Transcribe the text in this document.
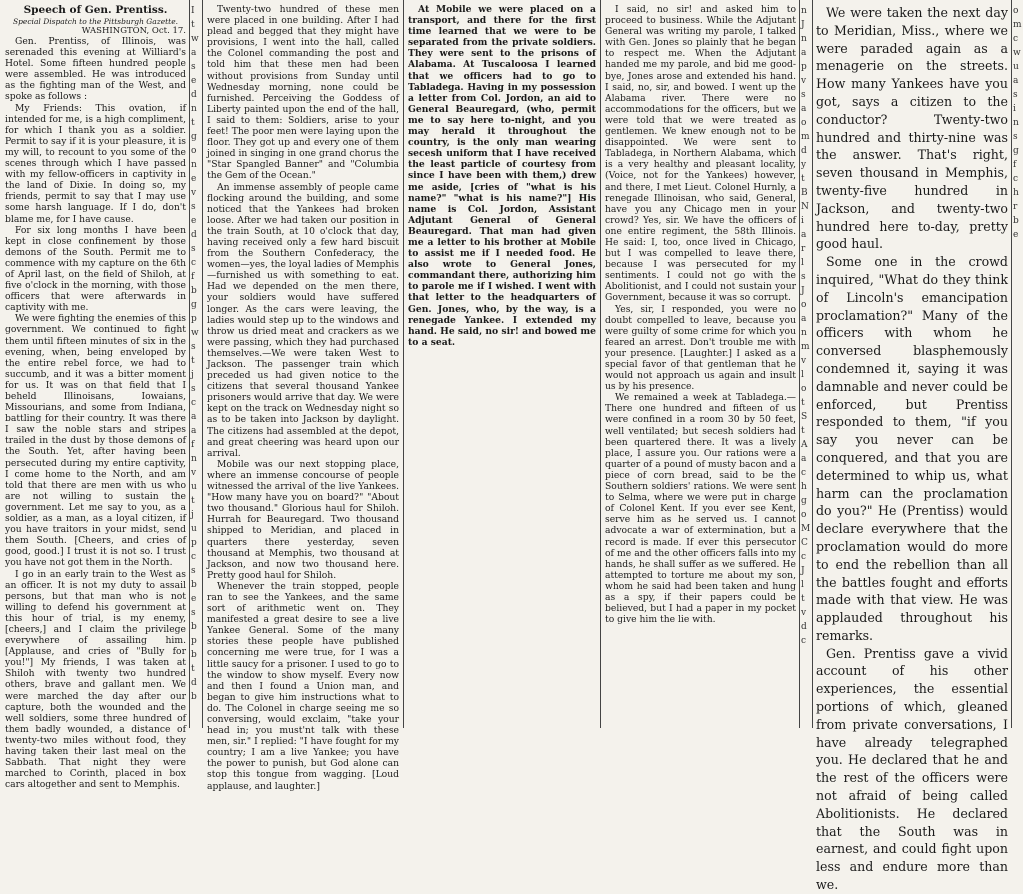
Speech of Gen. Prentiss.

Special Dispatch to the Pittsburgh Gazette.

WASHINGTON, Oct. 17.

Gen. Prentiss, of Illinois, was serenaded this evening at Williard's Hotel. Some fifteen hundred people were assembled. He was introduced as the fighting man of the West, and spoke as follows :

My Friends: This ovation, if intended for me, is a high compliment, for which I thank you as a soldier. Permit to say if it is your pleasure, it is my will, to recount to you some of the scenes through which I have passed with my fellow-officers in captivity in the land of Dixie. In doing so, my friends, permit to say that I may use some harsh language. If I do, don't blame me, for I have cause.

For six long months I have been kept in close confinement by those demons of the South. Permit me to commence with my capture on the 6th of April last, on the field of Shiloh, at five o'clock in the morning, with those officers that were afterwards in captivity with me.

We were fighting the enemies of this government. We continued to fight them until fifteen minutes of six in the evening, when, being enveloped by the entire rebel force, we had to succumb, and it was a bitter moment for us. It was on that field that I beheld Illinoisans, Iowaians, Missourians, and some from Indiana, battling for their country. It was there I saw the noble stars and stripes trailed in the dust by those demons of the South. Yet, after having been persecuted during my entire captivity, I come home to the North, and am told that there are men with us who are not willing to sustain the government. Let me say to you, as a soldier, as a man, as a loyal citizen, if you have traitors in your midst, send them South. [Cheers, and cries of good, good.] I trust it is not so. I trust you have not got them in the North.

I go in an early train to the West as an officer. It is not my duty to assail persons, but that man who is not willing to defend his government at this hour of trial, is my enemy, [cheers,] and I claim the privilege everywhere of assailing him. [Applause, and cries of "Bully for you!"] My friends, I was taken at Shiloh with twenty two hundred others, brave and gallant men. We were marched the day after our capture, both the wounded and the well soldiers, some three hundred of them badly wounded, a distance of twenty-two miles without food, they having taken their last meal on the Sabbath. That night they were marched to Corinth, placed in box cars altogether and sent to Memphis.

I
t
w
a
s
e
d
n
t
g
o
n
e
v
s
e
d
s
c
f
b
g
p
w
s
t
j
s
c
a
a
f
n
v
u
t
j
u
p
c
s
b
e
s
b
p
b
t
d
b

Twenty-two hundred of these men were placed in one building. After I had plead and begged that they might have provisions, I went into the hall, called the Colonel commanding the post and told him that these men had been without provisions from Sunday until Wednesday morning, none could be furnished. Perceiving the Goddess of Liberty painted upon the end of the hall, I said to them: Soldiers, arise to your feet! The poor men were laying upon the floor. They got up and every one of them joined in singing in one grand chorus the "Star Spangled Banner" and "Columbia the Gem of the Ocean."

An immense assembly of people came flocking around the building, and some noticed that the Yankees had broken loose. After we had taken our position in the train South, at 10 o'clock that day, having received only a few hard biscuit from the Southern Confederacy, the women—yes, the loyal ladies of Memphis—furnished us with something to eat. Had we depended on the men there, your soldiers would have suffered longer. As the cars were leaving, the ladies would step up to the windows and throw us dried meat and crackers as we were passing, which they had purchased themselves.—We were taken West to Jackson. The passenger train which preceded us had given notice to the citizens that several thousand Yankee prisoners would arrive that day. We were kept on the track on Wednesday night so as to be taken into Jackson by daylight. The citizens had assembled at the depot, and great cheering was heard upon our arrival.

Mobile was our next stopping place, where an immense concourse of people witnessed the arrival of the live Yankees. "How many have you on board?" "About two thousand." Glorious haul for Shiloh. Hurrah for Beauregard. Two thousand shipped to Meridian, and placed in quarters there yesterday, seven thousand at Memphis, two thousand at Jackson, and now two thousand here. Pretty good haul for Shiloh.

Whenever the train stopped, people ran to see the Yankees, and the same sort of arithmetic went on. They manifested a great desire to see a live Yankee General. Some of the many stories these people have published concerning me were true, for I was a little saucy for a prisoner. I used to go to the window to show myself. Every now and then I found a Union man, and began to give him instructions what to do. The Colonel in charge seeing me so conversing, would exclaim, "take your head in; you must'nt talk with these men, sir." I replied: "I have fought for my country; I am a live Yankee; you have the power to punish, but God alone can stop this tongue from wagging. [Loud applause, and laughter.]

At Mobile we were placed on a transport, and there for the first time learned that we were to be separated from the private soldiers. They were sent to the prisons of Alabama. At Tuscaloosa I learned that we officers had to go to Tabladega. Having in my possession a letter from Col. Jordon, an aid to General Beauregard, (who, permit me to say here to-night, and you may herald it throughout the country, is the only man wearing secesh uniform that I have received the least particle of courtesy from since I have been with them,) drew me aside, [cries of "what is his name?" "what is his name?"] His name is Col. Jordon, Assistant Adjutant General of General Beauregard. That man had given me a letter to his brother at Mobile to assist me if I needed food. He also wrote to General Jones, commandant there, authorizing him to parole me if I wished. I went with that letter to the headquarters of Gen. Jones, who, by the way, is a renegade Yankee. I extended my hand. He said, no sir! and bowed me to a seat.

I said, no sir! and asked him to proceed to business. While the Adjutant General was writing my parole, I talked with Gen. Jones so plainly that he began to respect me. When the Adjutant handed me my parole, and bid me good-bye, Jones arose and extended his hand. I said, no, sir, and bowed. I went up the Alabama river. There were no accommodations for the officers, but we were told that we were treated as gentlemen. We knew enough not to be disappointed. We were sent to Tabladega, in Northern Alabama, which is a very healthy and pleasant locality, (Voice, not for the Yankees) however, and there, I met Lieut. Colonel Hurnly, a renegade Illinoisan, who said, General, have you any Chicago men in your crowd? Yes, sir. We have the officers of one entire regiment, the 58th Illinois. He said: I, too, once lived in Chicago, but I was compelled to leave there, because I was persecuted for my sentiments. I could not go with the Abolitionist, and I could not sustain your Government, because it was so corrupt.

Yes, sir, I responded, you were no doubt compelled to leave, because you were guilty of some crime for which you feared an arrest. Don't trouble me with your presence. [Laughter.] I asked as a special favor of that gentleman that he would not approach us again and insult us by his presence.

We remained a week at Tabladega.—There one hundred and fifteen of us were confined in a room 30 by 50 feet, well ventilated; but secesh soldiers had been quartered there. It was a lively place, I assure you. Our rations were a quarter of a pound of musty bacon and a piece of corn bread, said to be the Southern soldiers' rations. We were sent to Selma, where we were put in charge of Colonel Kent. If you ever see Kent, serve him as he served us. I cannot advocate a war of extermination, but a record is made. If ever this persecutor of me and the other officers falls into my hands, he shall suffer as we suffered. He attempted to torture me about my son, whom he said had been taken and hung as a spy, if their papers could be believed, but I had a paper in my pocket to give him the lie with.

n
J
n
a
p
v
s
a
o
m
d
y
t
B
N
i
a
r
l
s
J
o
a
n
m
v
l
o
t
S
t
A
a
c
h
g
o
M
C
c
J
l
t
v
d
c

We were taken the next day to Meridian, Miss., where we were paraded again as a menagerie on the streets. How many Yankees have you got, says a citizen to the conductor? Twenty-two hundred and thirty-nine was the answer. That's right, seven thousand in Memphis, twenty-five hundred in Jackson, and twenty-two hundred here to-day, pretty good haul.

Some one in the crowd inquired, "What do they think of Lincoln's emancipation proclamation?" Many of the officers with whom he conversed blasphemously condemned it, saying it was damnable and never could be enforced, but Prentiss responded to them, "if you say you never can be conquered, and that you are determined to whip us, what harm can the proclamation do you?" He (Prentiss) would declare everywhere that the proclamation would do more to end the rebellion than all the battles fought and efforts made with that view. He was applauded throughout his remarks.

Gen. Prentiss gave a vivid account of his other experiences, the essential portions of which, gleaned from private conversations, I have already telegraphed you. He declared that he and the rest of the officers were not afraid of being called Abolitionists. He declared that the South was in earnest, and could fight upon less and endure more than we.

o
m
c
w
u
a
s
i
n
s
g
f
c
h
r
b
e
